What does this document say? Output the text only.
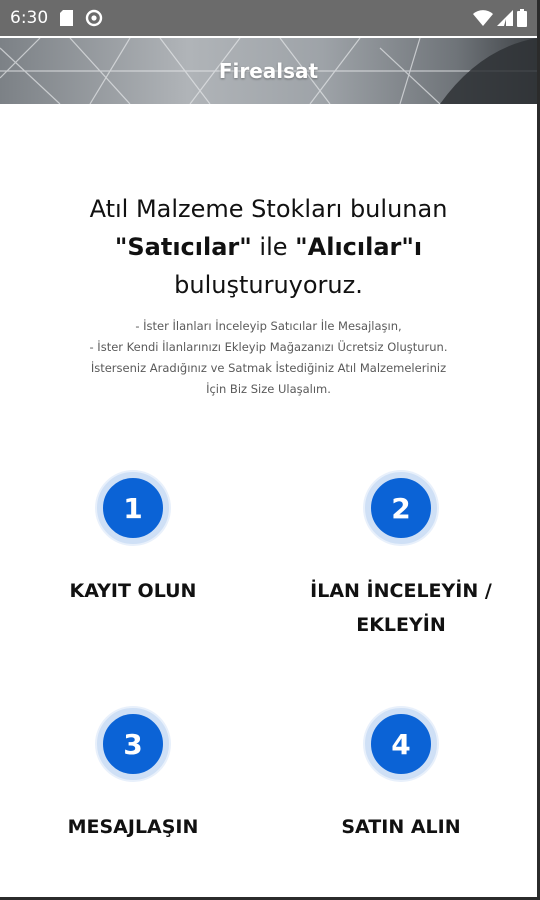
6:30
Firealsat
Atıl Malzeme Stokları bulunan
"Satıcılar" ile "Alıcılar"ı
buluşturuyoruz.
- İster İlanları İnceleyip Satıcılar İle Mesajlaşın,
- İster Kendi İlanlarınızı Ekleyip Mağazanızı Ücretsiz Oluşturun.
İsterseniz Aradığınız ve Satmak İstediğiniz Atıl Malzemeleriniz
İçin Biz Size Ulaşalım.
1
KAYIT OLUN
2
İLAN İNCELEYİN / EKLEYİN
3
MESAJLAŞIN
4
SATIN ALIN
